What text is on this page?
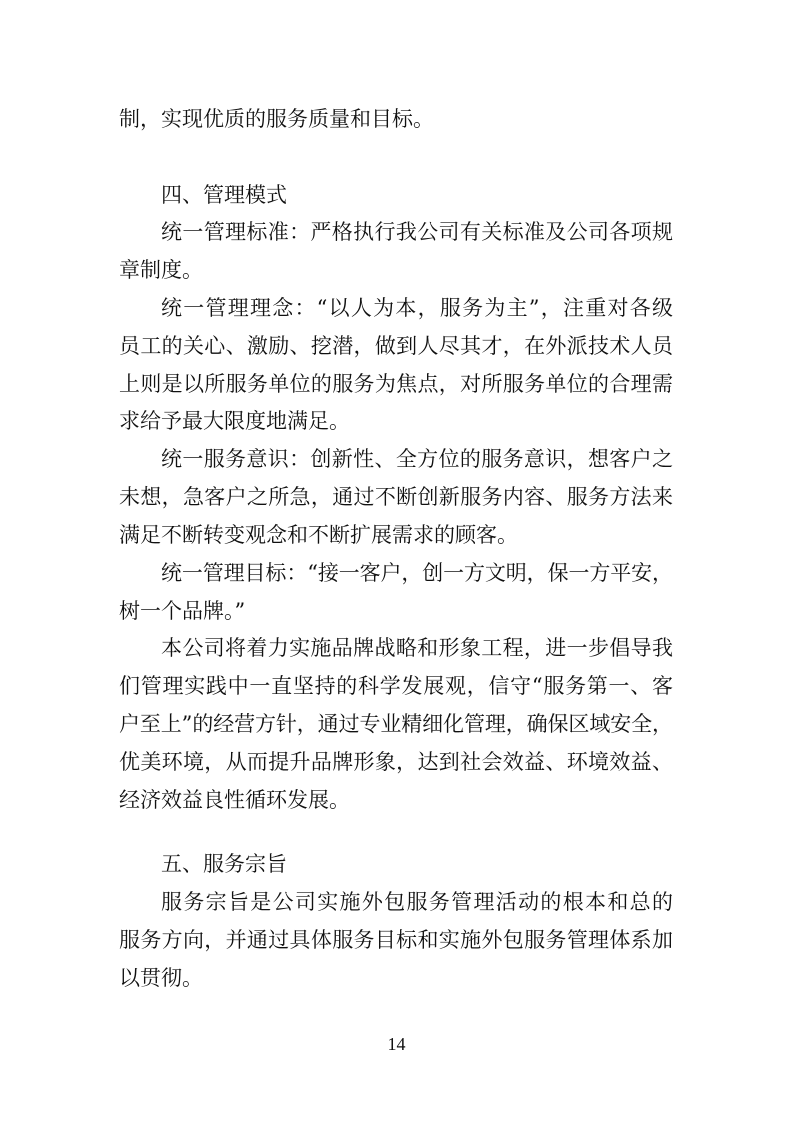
制，实现优质的服务质量和目标。
四、管理模式
统一管理标准：严格执行我公司有关标准及公司各项规
章制度。
统一管理理念：“以人为本，服务为主”，注重对各级
员工的关心、激励、挖潜，做到人尽其才，在外派技术人员
上则是以所服务单位的服务为焦点，对所服务单位的合理需
求给予最大限度地满足。
统一服务意识：创新性、全方位的服务意识，想客户之
未想，急客户之所急，通过不断创新服务内容、服务方法来
满足不断转变观念和不断扩展需求的顾客。
统一管理目标：“接一客户，创一方文明，保一方平安，
树一个品牌。”
本公司将着力实施品牌战略和形象工程，进一步倡导我
们管理实践中一直坚持的科学发展观，信守“服务第一、客
户至上”的经营方针，通过专业精细化管理，确保区域安全，
优美环境，从而提升品牌形象，达到社会效益、环境效益、
经济效益良性循环发展。
五、服务宗旨
服务宗旨是公司实施外包服务管理活动的根本和总的
服务方向，并通过具体服务目标和实施外包服务管理体系加
以贯彻。
14
